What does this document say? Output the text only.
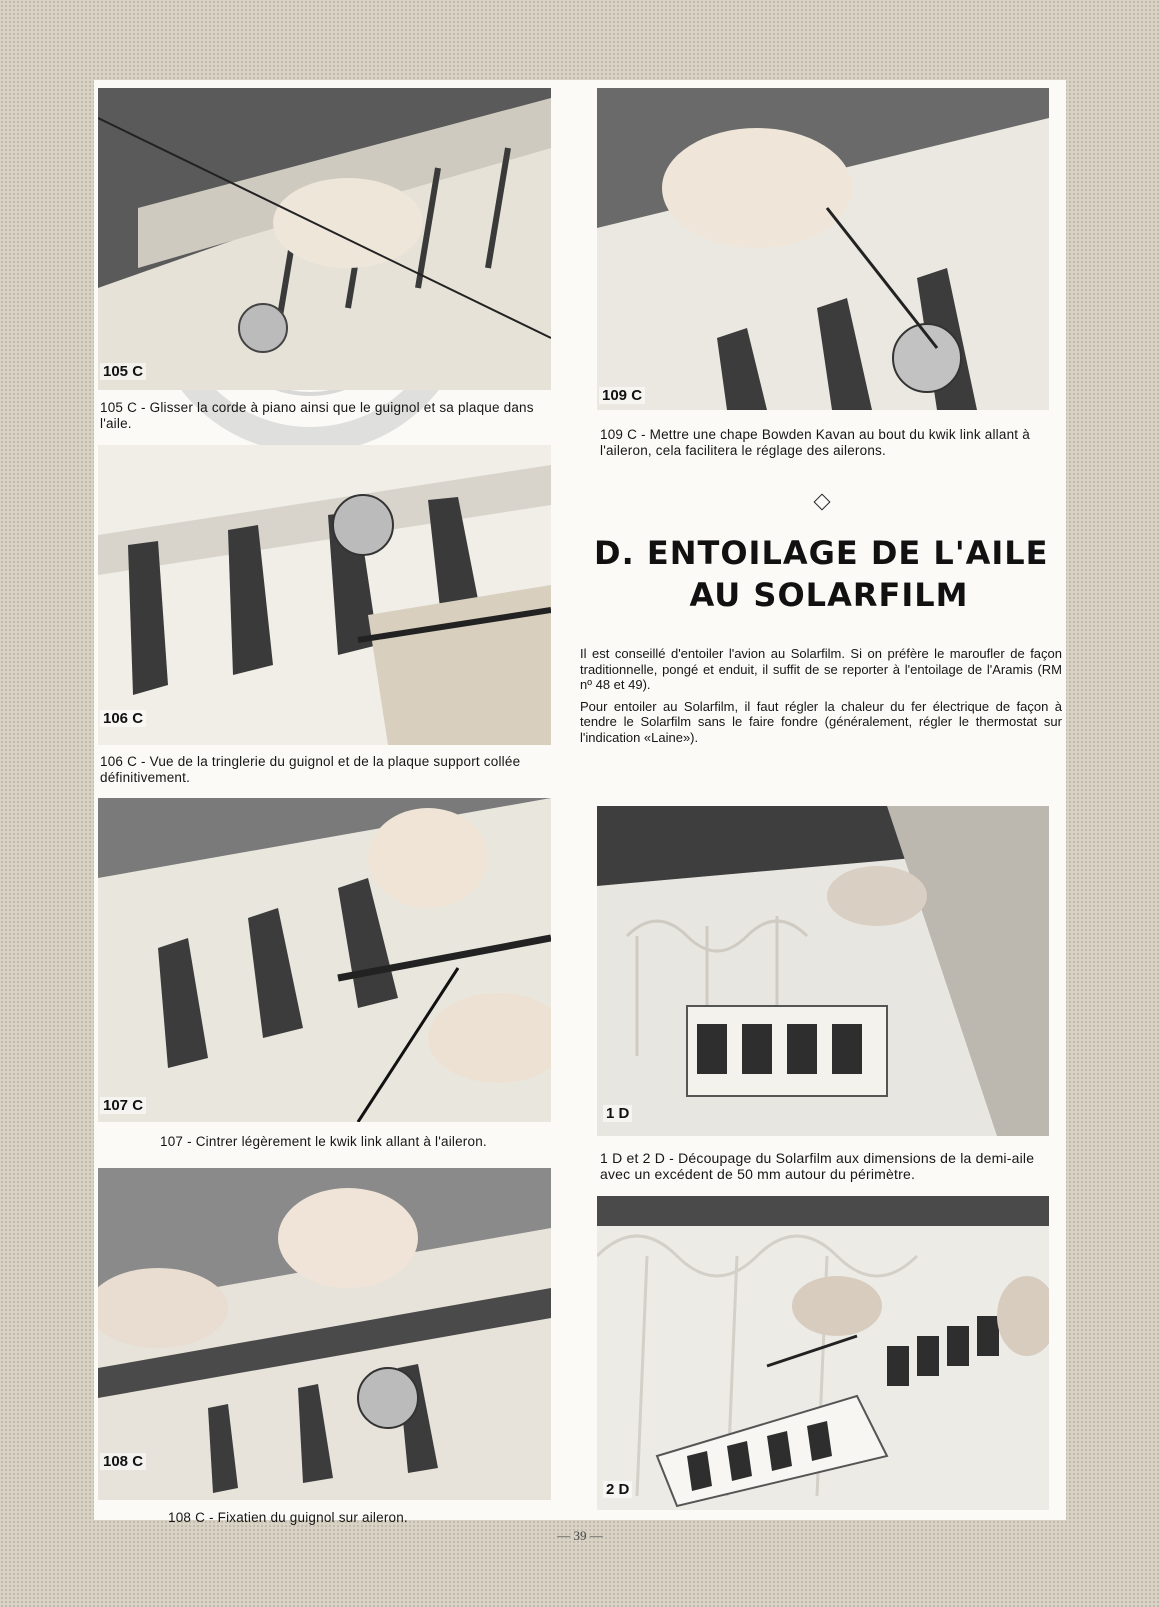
105 C
105 C - Glisser la corde à piano ainsi que le guignol et sa plaque dans l'aile.
106 C
106 C - Vue de la tringlerie du guignol et de la plaque support collée définitivement.
107 C
107 - Cintrer légèrement le kwik link allant à l'aileron.
108 C
108 C - Fixatien du guignol sur aileron.
109 C
109 C - Mettre une chape Bowden Kavan au bout du kwik link allant à l'aileron, cela facilitera le réglage des ailerons.
D. ENTOILAGE DE L'AILE
AU SOLARFILM

Il est conseillé d'entoiler l'avion au Solarfilm. Si on préfère le maroufler de façon traditionnelle, pongé et enduit, il suffit de se reporter à l'entoilage de l'Aramis (RM nº 48 et 49).

Pour entoiler au Solarfilm, il faut régler la chaleur du fer électrique de façon à tendre le Solarfilm sans le faire fondre (généralement, régler le thermostat sur l'indication «Laine»).

1 D
1 D et 2 D - Découpage du Solarfilm aux dimensions de la demi-aile avec un excédent de 50 mm autour du périmètre.
2 D
— 39 —
